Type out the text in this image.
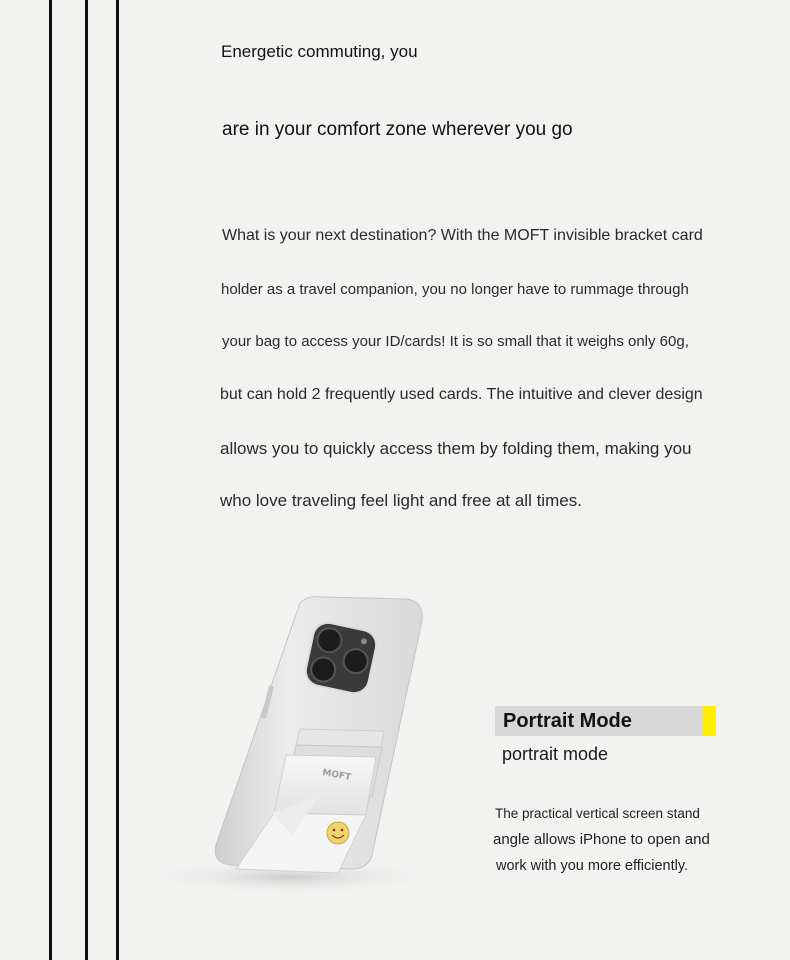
Energetic commuting, you
are in your comfort zone wherever you go
What is your next destination? With the MOFT invisible bracket card
holder as a travel companion, you no longer have to rummage through
your bag to access your ID/cards! It is so small that it weighs only 60g,
but can hold 2 frequently used cards. The intuitive and clever design
allows you to quickly access them by folding them, making you
who love traveling feel light and free at all times.
MOFT
Portrait Mode
portrait mode
The practical vertical screen stand
angle allows iPhone to open and
work with you more efficiently.
